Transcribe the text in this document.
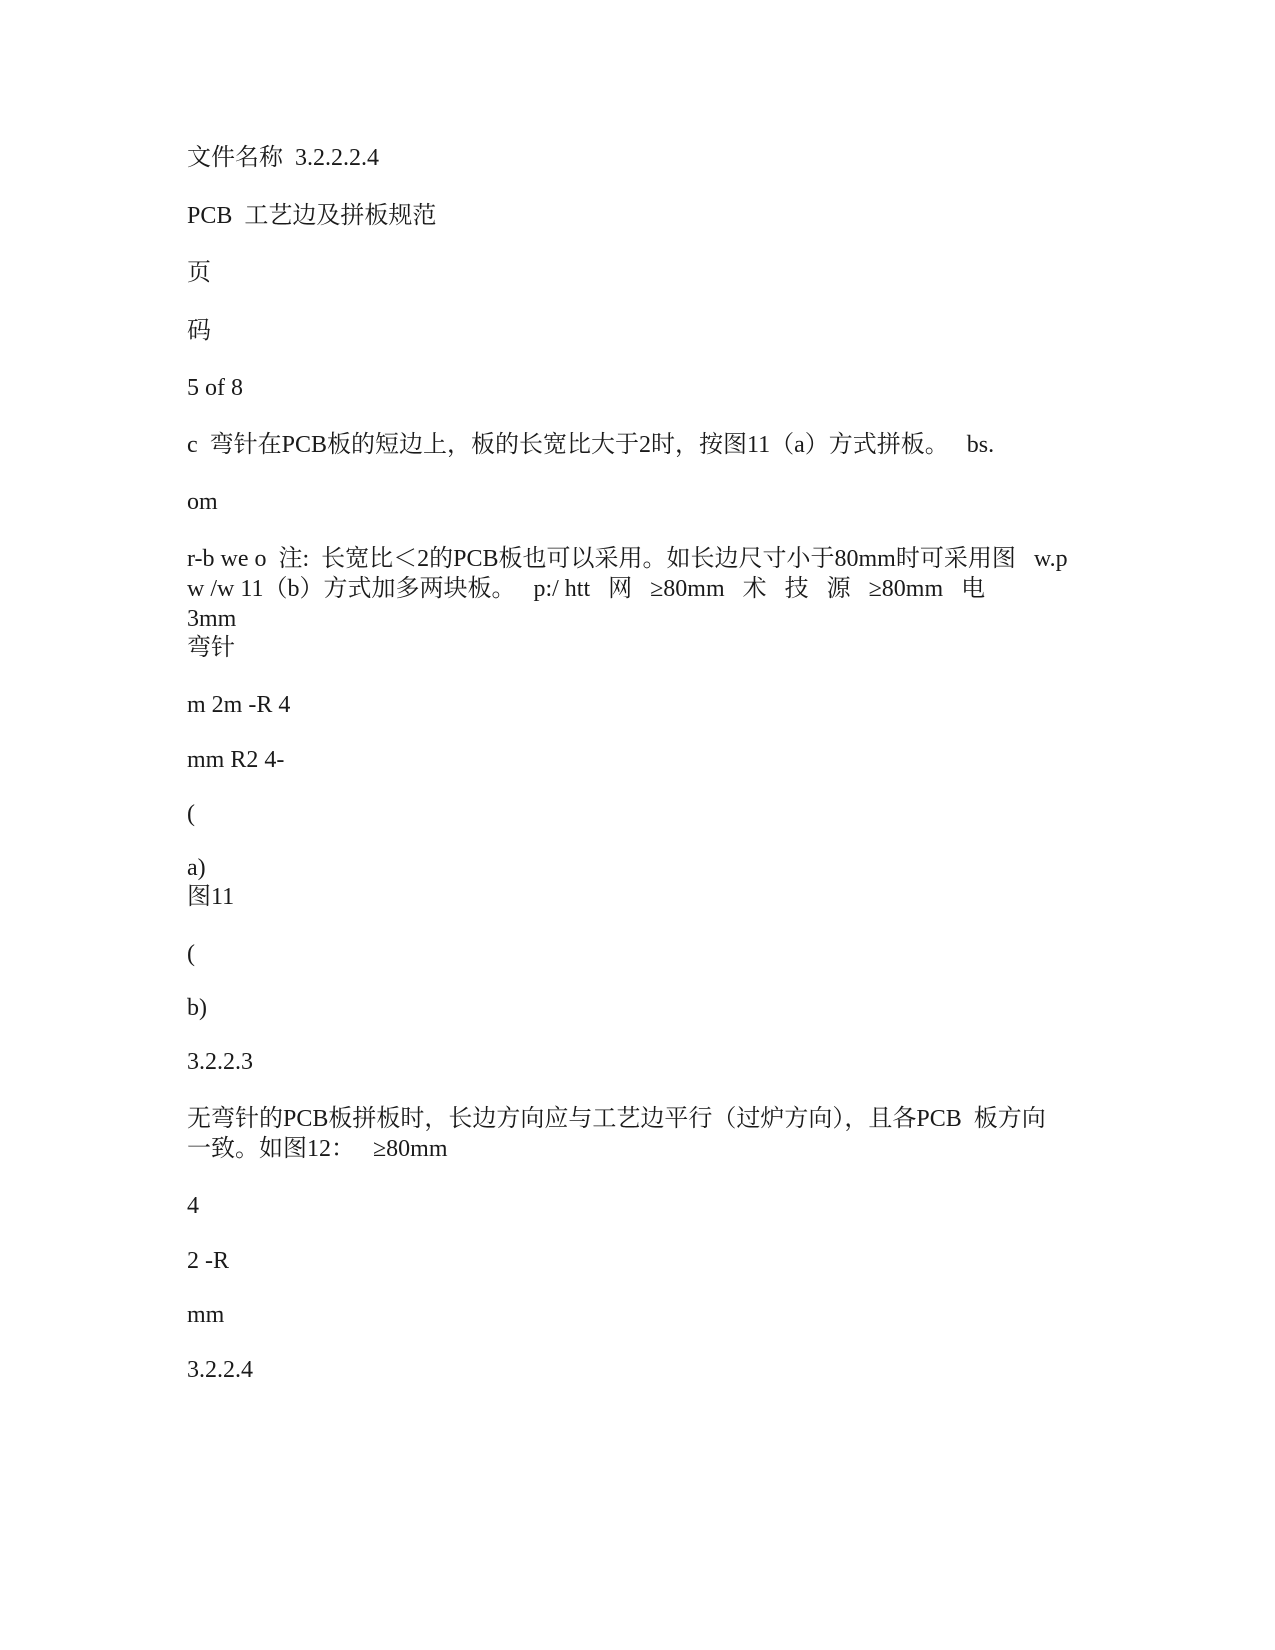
文件名称  3.2.2.2.4
PCB  工艺边及拼板规范
页
码
5 of 8
c  弯针在PCB板的短边上，板的长宽比大于2时，按图11（a）方式拼板。   bs.
om
r-b we o  注:  长宽比＜2的PCB板也可以采用。如长边尺寸小于80mm时可采用图   w.p
w /w 11（b）方式加多两块板。   p:/ htt   网   ≥80mm   术   技   源   ≥80mm   电
3mm
弯针
m 2m -R 4
mm R2 4-
(
a)
图11
(
b)
3.2.2.3
无弯针的PCB板拼板时，长边方向应与工艺边平行（过炉方向），且各PCB  板方向
一致。如图12：   ≥80mm
4
2 -R
mm
3.2.2.4
